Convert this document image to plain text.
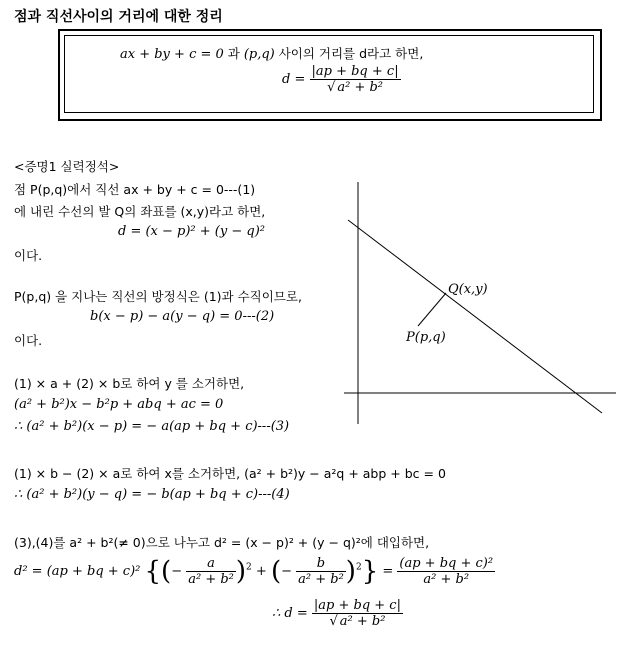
점과 직선사이의 거리에 대한 정리
ax + by + c = 0 과 (p,q) 사이의 거리를 d라고 하면,
$d = \frac{|ap + bq + c|}{\text{√ a² + b²}}$
<증명1 실력정석>
점 P(p,q)에서 직선 ax + by + c = 0---(1)
에 내린 수선의 발 Q의 좌표를 (x,y)라고 하면,
d = (x − p)² + (y − q)²
이다.
P(p,q) 을 지나는 직선의 방정식은 (1)과 수직이므로,
b(x − p) − a(y − q) = 0---(2)
이다.
(1) × a + (2) × b로 하여 y 를 소거하면,
(a² + b²)x − b²p + abq + ac = 0
∴ (a² + b²)(x − p) = − a(ap + bq + c)---(3)
(1) × b − (2) × a로 하여 x를 소거하면, (a² + b²)y − a²q + abp + bc = 0
∴ (a² + b²)(y − q) = − b(ap + bq + c)---(4)
(3),(4)를 a² + b²(≠ 0)으로 나누고 d² = (x − p)² + (y − q)²에 대입하면,
d² = (ap + bq + c)² {(− $\frac{a}{\text{a² + b²}} )^2$ + (− $\frac{b}{\text{a² + b²}} )^2\} = \frac{\text{(ap + bq + c)²}}{\text{a² + b²}}$
∴ $d = \frac{|ap + bq + c|}{\text{√ a² + b²}}$
Q(x,y)
P(p,q)
